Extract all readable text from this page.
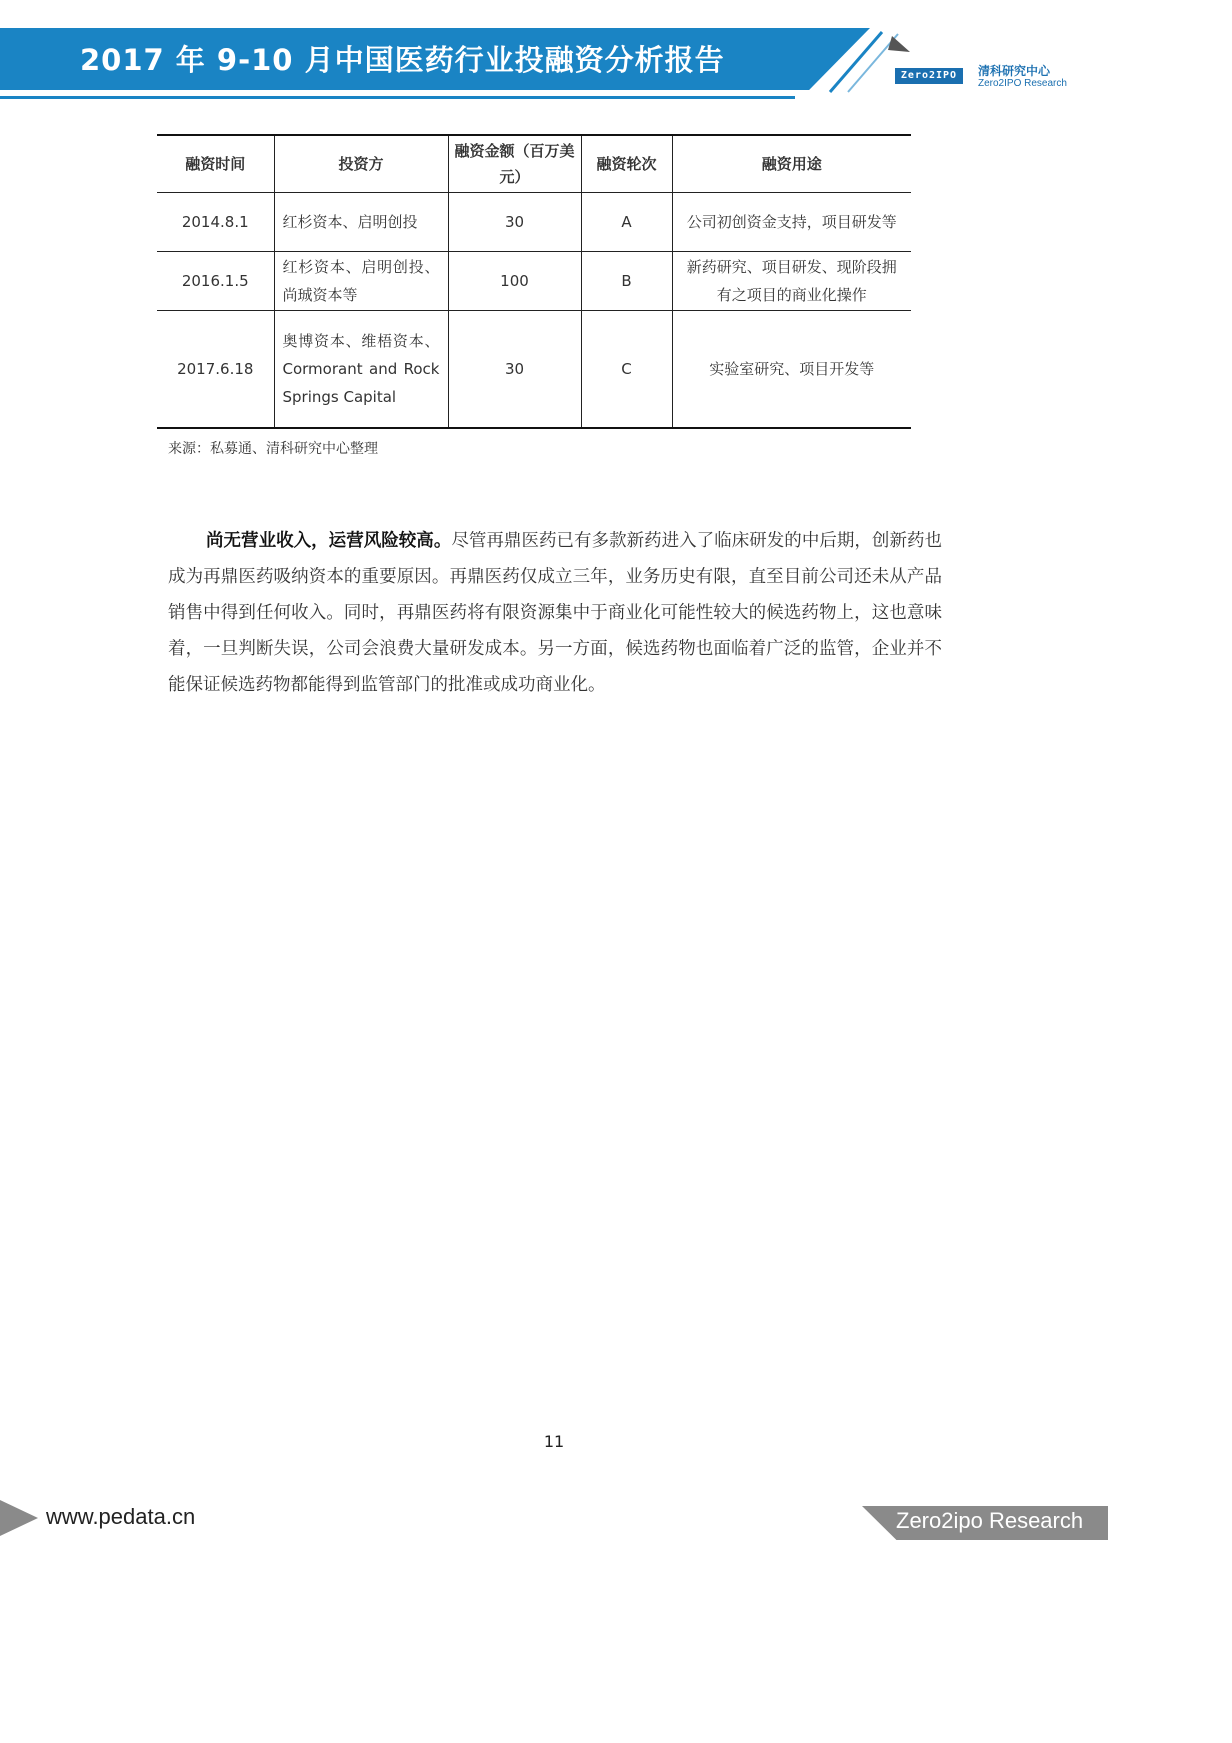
2017 年 9-10 月中国医药行业投融资分析报告	Zero2IPO	清科研究中心
Zero2IPO Research
融资时间	投资方	融资金额（百万美元）	融资轮次	融资用途
2014.8.1	红杉资本、启明创投	30	A	公司初创资金支持，项目研发等
2016.1.5	红杉资本、启明创投、尚珹资本等	100	B	新药研究、项目研发、现阶段拥有之项目的商业化操作
2017.6.18	奥博资本、维梧资本、Cormorant and Rock Springs Capital	30	C	实验室研究、项目开发等
来源：私募通、清科研究中心整理

尚无营业收入，运营风险较高。尽管再鼎医药已有多款新药进入了临床研发的中后期，创新药也成为再鼎医药吸纳资本的重要原因。再鼎医药仅成立三年，业务历史有限，直至目前公司还未从产品销售中得到任何收入。同时，再鼎医药将有限资源集中于商业化可能性较大的候选药物上，这也意味着，一旦判断失误，公司会浪费大量研发成本。另一方面，候选药物也面临着广泛的监管，企业并不能保证候选药物都能得到监管部门的批准或成功商业化。

11
www.pedata.cn	Zero2ipo Research
